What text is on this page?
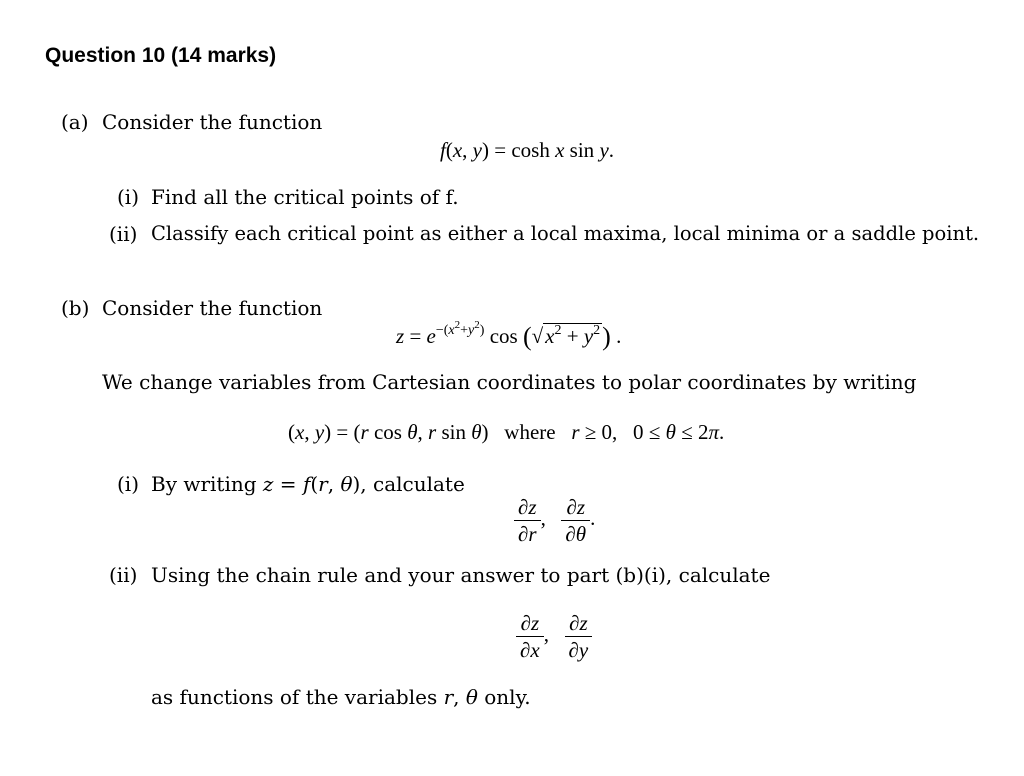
Question 10 (14 marks)
(a) Consider the function
f(x, y) = cosh x sin y.
(i) Find all the critical points of f.
(ii) Classify each critical point as either a local maxima, local minima or a saddle point.
(b) Consider the function
$z = e^{-(x^2+y^2)}$ $\cos (√x^2 + y^2)$ .
We change variables from Cartesian coordinates to polar coordinates by writing
(x, y) = (r cos θ, r sin θ)   where   r ≥ 0,   0 ≤ θ ≤ 2π.
(i) By writing z = f(r, θ), calculate
$\frac{\partial z}{\partial r}$ , $\frac{\partial z}{\partial\theta}$ .
(ii) Using the chain rule and your answer to part (b)(i), calculate
$\frac{\partial z}{\partial x}$ , $\frac{\partial z}{\partial y}$
as functions of the variables r, θ only.
